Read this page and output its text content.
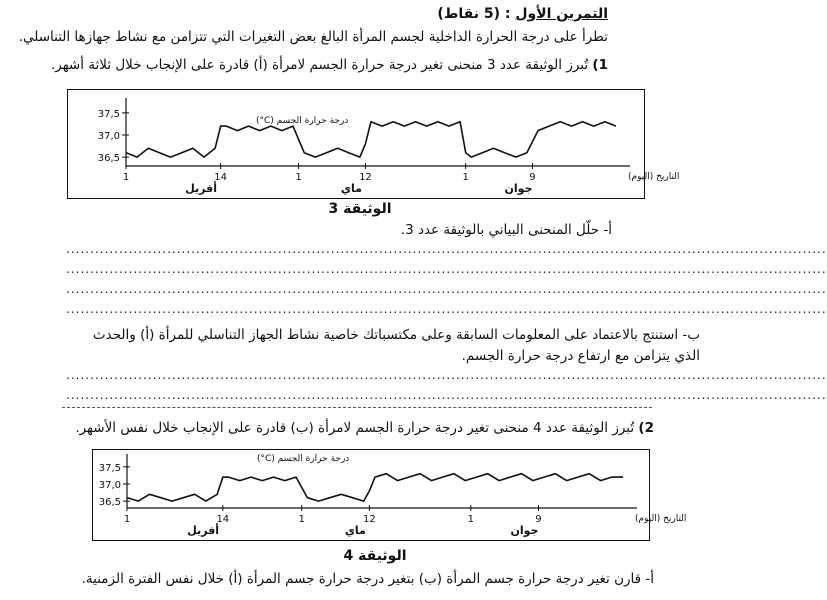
التمرين الأول : (5 نقاط)
تطرأ على درجة الحرارة الداخلية لجسم المرأة البالغ بعض التغيرات التي تتزامن مع نشاط جهازها التناسلي.
1) تُبرز الوثيقة عدد 3 منحنى تغير درجة حرارة الجسم لامرأة (أ) قادرة على الإنجاب خلال ثلاثة أشهر.
37,5
37,0
36,5
درجة حرارة الجسم (C°)
1	14	1	12	1	9
أفريل	ماي	جوان
التاريخ (اليوم)
الوثيقة 3
أ- حلّل المنحنى البياني بالوثيقة عدد 3.
..............................................................................................................................................................
..............................................................................................................................................................
..............................................................................................................................................................
..............................................................................................................................................................
ب- استنتج بالاعتماد على المعلومات السابقة وعلى مكتسباتك خاصية نشاط الجهاز التناسلي للمرأة (أ) والحدث
الذي يتزامن مع ارتفاع درجة حرارة الجسم.
..............................................................................................................................................................
..............................................................................................................................................................
2) تُبرز الوثيقة عدد 4 منحنى تغير درجة حرارة الجسم لامرأة (ب) قادرة على الإنجاب خلال نفس الأشهر.
37,5
37,0
36,5
درجة حرارة الجسم (C°)
1	14	1	12	1	9
أفريل	ماي	جوان
التاريخ (اليوم)
الوثيقة 4
أ- قارن تغير درجة حرارة جسم المرأة (ب) بتغير درجة حرارة جسم المرأة (أ) خلال نفس الفترة الزمنية.
